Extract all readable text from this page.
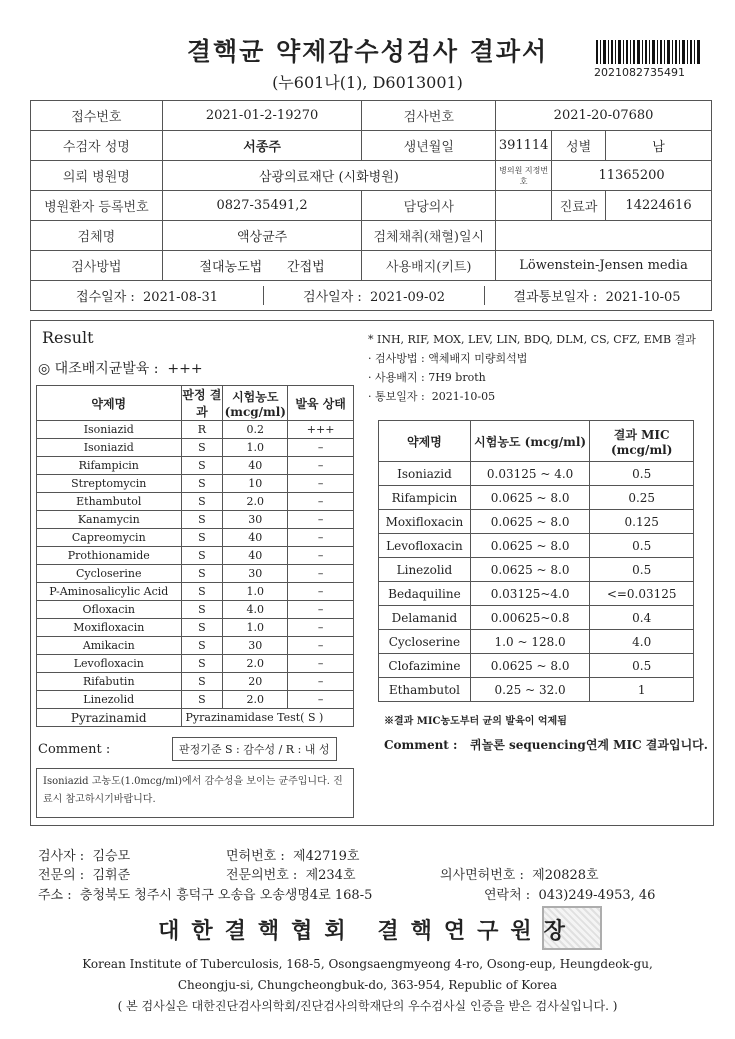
결핵균 약제감수성검사 결과서
(누601나(1), D6013001)
2021082735491
접수번호	2021-01-2-19270	검사번호	2021-20-07680		
수검자 성명	서종주	생년월일	391114	성별	남
의뢰 병원명	삼광의료재단 (시화병원)		병의원 지정번호	11365200	
병원환자 등록번호	0827-35491,2	담당의사		진료과	14224616
검체명	액상균주	검체채취(채혈)일시			
검사방법	절대농도법 간접법	사용배지(키트)	Löwenstein-Jensen media		
접수일자 : 2021-08-31 검사일자 : 2021-09-02 결과통보일자 : 2021-10-05					
Result
◎ 대조배지균발육 : +++
약제명	판정 결과	시험농도 (mcg/ml)	발육 상태
Isoniazid	R	0.2	+++
Isoniazid	S	1.0	–
Rifampicin	S	40	–
Streptomycin	S	10	–
Ethambutol	S	2.0	–
Kanamycin	S	30	–
Capreomycin	S	40	–
Prothionamide	S	40	–
Cycloserine	S	30	–
P-Aminosalicylic Acid	S	1.0	–
Ofloxacin	S	4.0	–
Moxifloxacin	S	1.0	–
Amikacin	S	30	–
Levofloxacin	S	2.0	–
Rifabutin	S	20	–
Linezolid	S	2.0	–
Pyrazinamid	Pyrazinamidase Test( S )		
Comment :	판정기준 S : 감수성 / R : 내 성
Isoniazid 고농도(1.0mcg/ml)에서 감수성을 보이는 균주입니다. 진료시 참고하시기바랍니다.
* INH, RIF, MOX, LEV, LIN, BDQ, DLM, CS, CFZ, EMB 결과
· 검사방법 : 액체배지 미량희석법
· 사용배지 : 7H9 broth
· 통보일자 : 2021-10-05
약제명	시험농도 (mcg/ml)	결과 MIC (mcg/ml)
Isoniazid	0.03125 ~ 4.0	0.5
Rifampicin	0.0625 ~ 8.0	0.25
Moxifloxacin	0.0625 ~ 8.0	0.125
Levofloxacin	0.0625 ~ 8.0	0.5
Linezolid	0.0625 ~ 8.0	0.5
Bedaquiline	0.03125~4.0	<=0.03125
Delamanid	0.00625~0.8	0.4
Cycloserine	1.0 ~ 128.0	4.0
Clofazimine	0.0625 ~ 8.0	0.5
Ethambutol	0.25 ~ 32.0	1
※결과 MIC농도부터 균의 발육이 억제됨
Comment : 퀴놀론 sequencing연계 MIC 결과입니다.
검사자 : 김승모	면허번호 : 제42719호
전문의 : 김휘준	전문의번호 : 제234호	의사면허번호 : 제20828호
주소 : 충청북도 청주시 흥덕구 오송읍 오송생명4로 168-5	연락처 : 043)249-4953, 46
대한결핵협회 결핵연구원장
Korean Institute of Tuberculosis, 168-5, Osongsaengmyeong 4-ro, Osong-eup, Heungdeok-gu,
Cheongju-si, Chungcheongbuk-do, 363-954, Republic of Korea
( 본 검사실은 대한진단검사의학회/진단검사의학재단의 우수검사실 인증을 받은 검사실입니다. )
